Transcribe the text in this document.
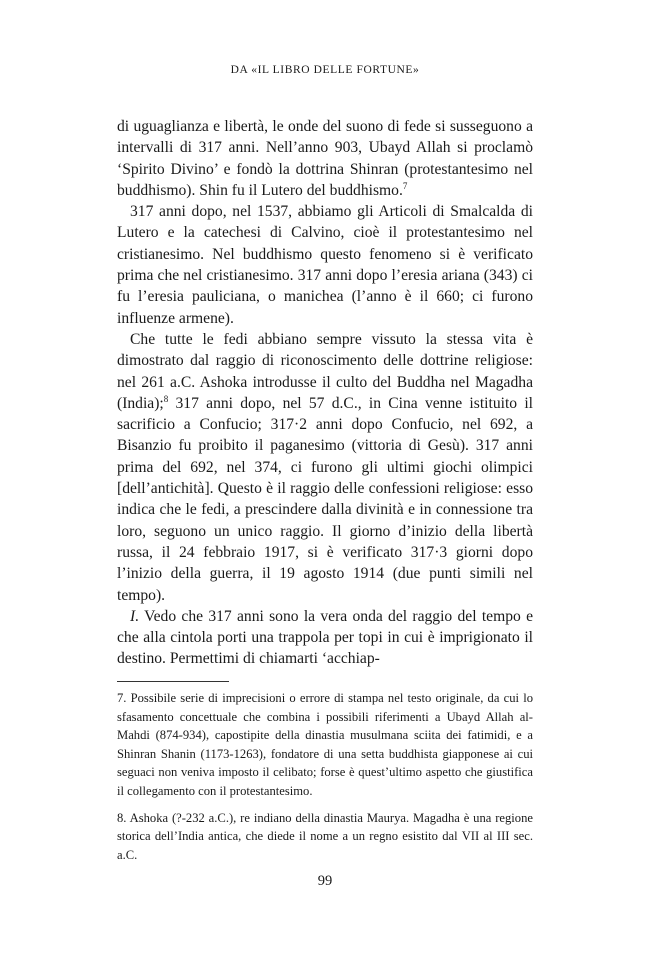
DA «IL LIBRO DELLE FORTUNE»

di uguaglianza e libertà, le onde del suono di fede si susseguono a intervalli di 317 anni. Nell’anno 903, Ubayd Allah si proclamò ‘Spirito Divino’ e fondò la dottrina Shinran (protestantesimo nel buddhismo). Shin fu il Lutero del buddhismo.$^7$

317 anni dopo, nel 1537, abbiamo gli Articoli di Smalcalda di Lutero e la catechesi di Calvino, cioè il protestantesimo nel cristianesimo. Nel buddhismo questo fenomeno si è verificato prima che nel cristianesimo. 317 anni dopo l’eresia ariana (343) ci fu l’eresia pauliciana, o manichea (l’anno è il 660; ci furono influenze armene).

Che tutte le fedi abbiano sempre vissuto la stessa vita è dimostrato dal raggio di riconoscimento delle dottrine religiose: nel 261 a.C. Ashoka introdusse il culto del Buddha nel Magadha (India);$^8$ 317 anni dopo, nel 57 d.C., in Cina venne istituito il sacrificio a Confucio; 317·2 anni dopo Confucio, nel 692, a Bisanzio fu proibito il paganesimo (vittoria di Gesù). 317 anni prima del 692, nel 374, ci furono gli ultimi giochi olimpici [dell’antichità]. Questo è il raggio delle confessioni religiose: esso indica che le fedi, a prescindere dalla divinità e in connessione tra loro, seguono un unico raggio. Il giorno d’inizio della libertà russa, il 24 febbraio 1917, si è verificato 317·3 giorni dopo l’inizio della guerra, il 19 agosto 1914 (due punti simili nel tempo).

I. Vedo che 317 anni sono la vera onda del raggio del tempo e che alla cintola porti una trappola per topi in cui è imprigionato il destino. Permettimi di chiamarti ‘acchiap-

7. Possibile serie di imprecisioni o errore di stampa nel testo originale, da cui lo sfasamento concettuale che combina i possibili riferimenti a Ubayd Allah al-Mahdi (874-934), capostipite della dinastia musulmana sciita dei fatimidi, e a Shinran Shanin (1173-1263), fondatore di una setta buddhista giapponese ai cui seguaci non veniva imposto il celibato; forse è quest’ultimo aspetto che giustifica il collegamento con il protestantesimo.

8. Ashoka (?-232 a.C.), re indiano della dinastia Maurya. Magadha è una regione storica dell’India antica, che diede il nome a un regno esistito dal VII al III sec. a.C.

99
